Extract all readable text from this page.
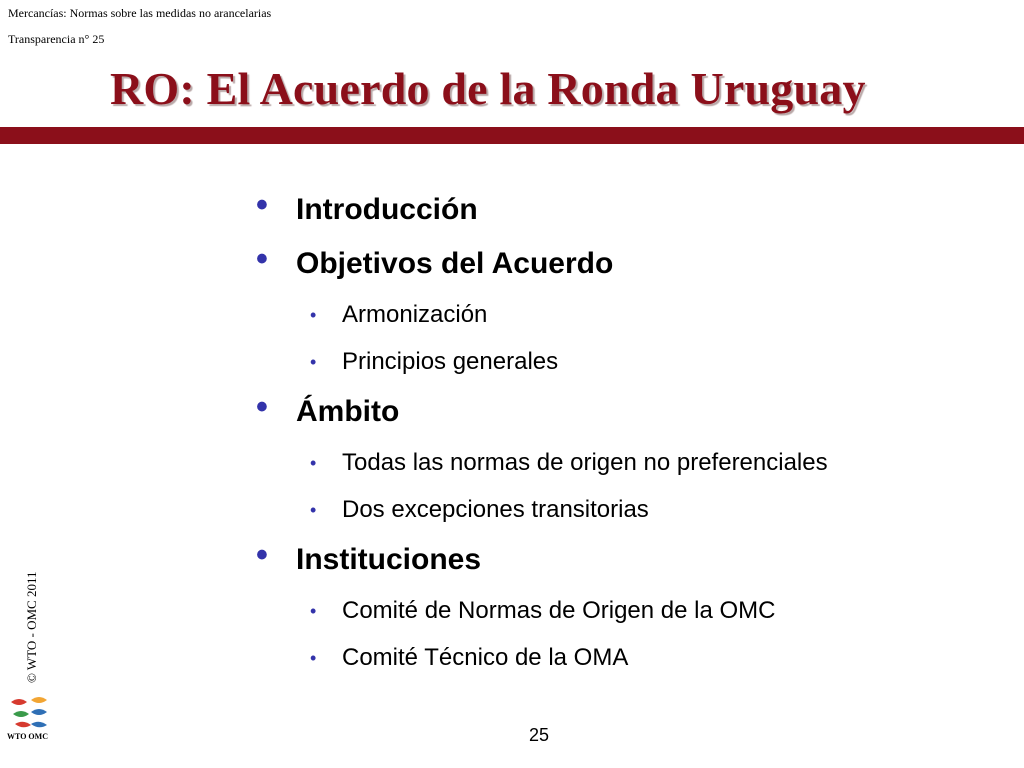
Mercancías: Normas sobre las medidas no arancelarias
Transparencia n° 25
RO: El Acuerdo de la Ronda Uruguay
• Introducción
• Objetivos del Acuerdo
• Armonización
• Principios generales
• Ámbito
• Todas las normas de origen no preferenciales
• Dos excepciones transitorias
• Instituciones
• Comité de Normas de Origen de la OMC
• Comité Técnico de la OMA
© WTO - OMC 2011
WTO OMC	25
